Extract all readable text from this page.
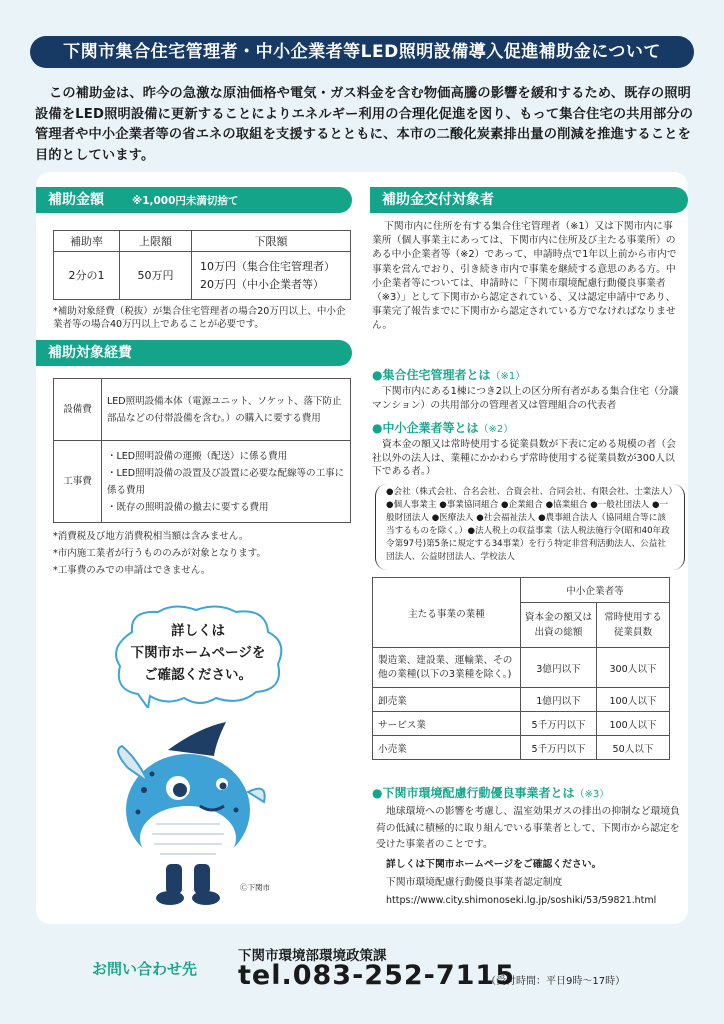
下関市集合住宅管理者・中小企業者等LED照明設備導入促進補助金について
この補助金は、昨今の急激な原油価格や電気・ガス料金を含む物価高騰の影響を緩和するため、既存の照明設備をLED照明設備に更新することによりエネルギー利用の合理化促進を図り、もって集合住宅の共用部分の管理者や中小企業者等の省エネの取組を支援するとともに、本市の二酸化炭素排出量の削減を推進することを目的としています。
補助金額	※1,000円未満切捨て
補助率	上限額	下限額
2分の1	50万円	10万円（集合住宅管理者）
20万円（中小企業者等）
*補助対象経費（税抜）が集合住宅管理者の場合20万円以上、中小企業者等の場合40万円以上であることが必要です。
補助対象経費
設備費	LED照明設備本体（電源ユニット、ソケット、落下防止部品などの付帯設備を含む。）の購入に要する費用
工事費	・LED照明設備の運搬（配送）に係る費用
・LED照明設備の設置及び設置に必要な配線等の工事に係る費用
・既存の照明設備の撤去に要する費用
*消費税及び地方消費税相当額は含みません。
*市内施工業者が行うもののみが対象となります。
*工事費のみでの申請はできません。
詳しくは
下関市ホームページを
ご確認ください。
Ⓒ下関市
補助金交付対象者
下関市内に住所を有する集合住宅管理者（※1）又は下関市内に事業所（個人事業主にあっては、下関市内に住所及び主たる事業所）のある中小企業者等（※2）であって、申請時点で1年以上前から市内で事業を営んでおり、引き続き市内で事業を継続する意思のある方。中小企業者等については、申請時に「下関市環境配慮行動優良事業者（※3）」として下関市から認定されている、又は認定申請中であり、事業完了報告までに下関市から認定されている方でなければなりません。
●集合住宅管理者とは（※1）
下関市内にある1棟につき2以上の区分所有者がある集合住宅（分譲マンション）の共用部分の管理者又は管理組合の代表者
●中小企業者等とは（※2）
資本金の額又は常時使用する従業員数が下表に定める規模の者（会社以外の法人は、業種にかかわらず常時使用する従業員数が300人以下である者。）
●会社（株式会社、合名会社、合資会社、合同会社、有限会社、士業法人）●個人事業主 ●事業協同組合 ●企業組合 ●協業組合 ●一般社団法人 ●一般財団法人 ●医療法人 ●社会福祉法人 ●農事組合法人（協同組合等に該当するものを除く。）●法人税上の収益事業（法人税法施行令(昭和40年政令第97号)第5条に規定する34事業）を行う特定非営利活動法人、公益社団法人、公益財団法人、学校法人
主たる事業の業種	中小企業者等	
	資本金の額又は出資の総額	常時使用する従業員数
製造業、建設業、運輸業、その他の業種(以下の3業種を除く。)	3億円以下	300人以下
卸売業	1億円以下	100人以下
サービス業	5千万円以下	100人以下
小売業	5千万円以下	50人以下
●下関市環境配慮行動優良事業者とは（※3）
地球環境への影響を考慮し、温室効果ガスの排出の抑制など環境負荷の低減に積極的に取り組んでいる事業者として、下関市から認定を受けた事業者のことです。
詳しくは下関市ホームページをご確認ください。
下関市環境配慮行動優良事業者認定制度
https://www.city.shimonoseki.lg.jp/soshiki/53/59821.html
お問い合わせ先
下関市環境部環境政策課
tel.083-252-7115
（受付時間：平日9時〜17時）
